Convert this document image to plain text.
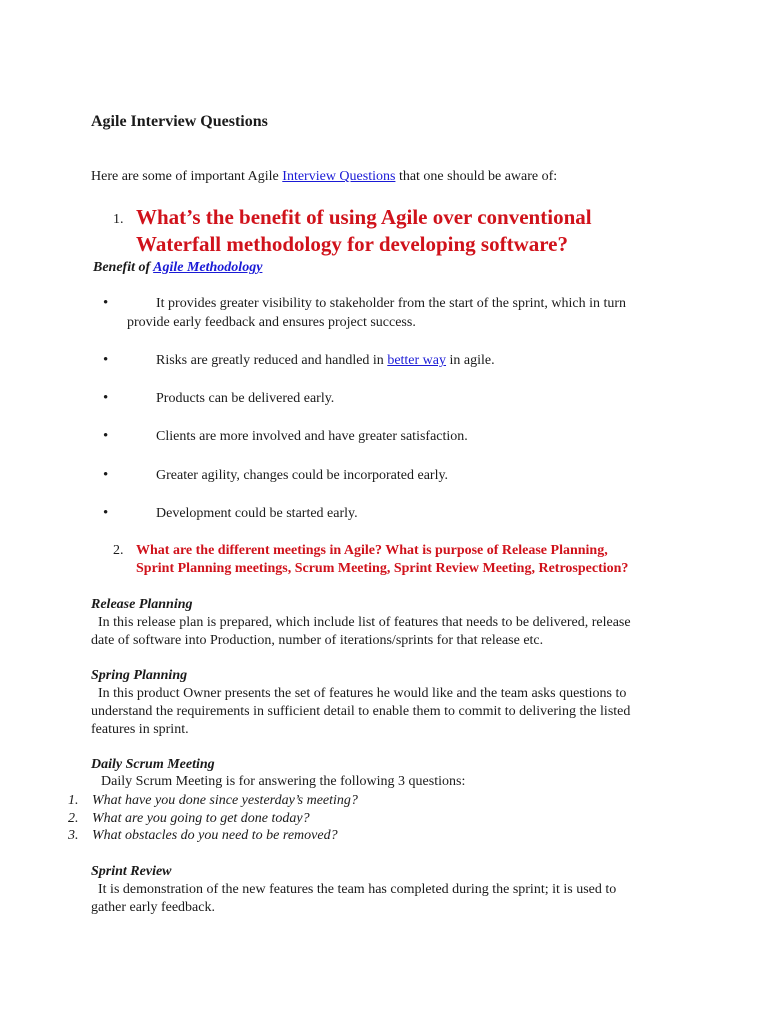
Agile Interview Questions
Here are some of important Agile Interview Questions that one should be aware of:
1. What’s the benefit of using Agile over conventional
Waterfall methodology for developing software?
Benefit of Agile Methodology
•	It provides greater visibility to stakeholder from the start of the sprint, which in turn
provide early feedback and ensures project success.
•	Risks are greatly reduced and handled in better way in agile.
•	Products can be delivered early.
•	Clients are more involved and have greater satisfaction.
•	Greater agility, changes could be incorporated early.
•	Development could be started early.
2. What are the different meetings in Agile? What is purpose of Release Planning,
Sprint Planning meetings, Scrum Meeting, Sprint Review Meeting, Retrospection?
Release Planning
In this release plan is prepared, which include list of features that needs to be delivered, release
date of software into Production, number of iterations/sprints for that release etc.
Spring Planning
In this product Owner presents the set of features he would like and the team asks questions to
understand the requirements in sufficient detail to enable them to commit to delivering the listed
features in sprint.
Daily Scrum Meeting
Daily Scrum Meeting is for answering the following 3 questions:
1. What have you done since yesterday’s meeting?
2. What are you going to get done today?
3. What obstacles do you need to be removed?
Sprint Review
It is demonstration of the new features the team has completed during the sprint; it is used to
gather early feedback.
